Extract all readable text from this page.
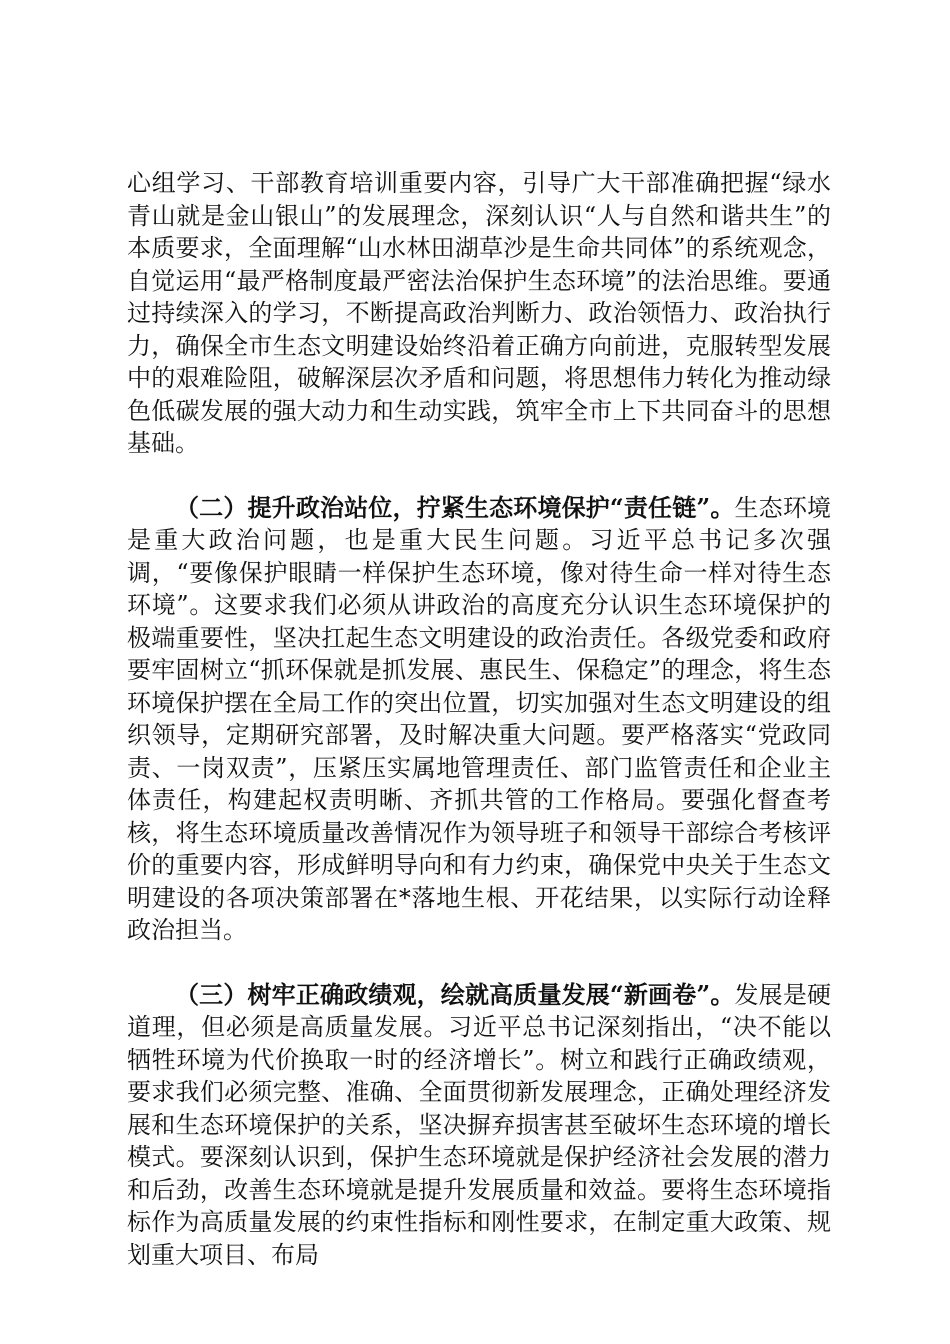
心组学习、干部教育培训重要内容，引导广大干部准确把握“绿水青山就是金山银山”的发展理念，深刻认识“人与自然和谐共生”的本质要求，全面理解“山水林田湖草沙是生命共同体”的系统观念，自觉运用“最严格制度最严密法治保护生态环境”的法治思维。要通过持续深入的学习，不断提高政治判断力、政治领悟力、政治执行力，确保全市生态文明建设始终沿着正确方向前进，克服转型发展中的艰难险阻，破解深层次矛盾和问题，将思想伟力转化为推动绿色低碳发展的强大动力和生动实践，筑牢全市上下共同奋斗的思想基础。

（二）提升政治站位，拧紧生态环境保护“责任链”。生态环境是重大政治问题，也是重大民生问题。习近平总书记多次强调，“要像保护眼睛一样保护生态环境，像对待生命一样对待生态环境”。这要求我们必须从讲政治的高度充分认识生态环境保护的极端重要性，坚决扛起生态文明建设的政治责任。各级党委和政府要牢固树立“抓环保就是抓发展、惠民生、保稳定”的理念，将生态环境保护摆在全局工作的突出位置，切实加强对生态文明建设的组织领导，定期研究部署，及时解决重大问题。要严格落实“党政同责、一岗双责”，压紧压实属地管理责任、部门监管责任和企业主体责任，构建起权责明晰、齐抓共管的工作格局。要强化督查考核，将生态环境质量改善情况作为领导班子和领导干部综合考核评价的重要内容，形成鲜明导向和有力约束，确保党中央关于生态文明建设的各项决策部署在*落地生根、开花结果，以实际行动诠释政治担当。

（三）树牢正确政绩观，绘就高质量发展“新画卷”。发展是硬道理，但必须是高质量发展。习近平总书记深刻指出，“决不能以牺牲环境为代价换取一时的经济增长”。树立和践行正确政绩观，要求我们必须完整、准确、全面贯彻新发展理念，正确处理经济发展和生态环境保护的关系，坚决摒弃损害甚至破坏生态环境的增长模式。要深刻认识到，保护生态环境就是保护经济社会发展的潜力和后劲，改善生态环境就是提升发展质量和效益。要将生态环境指标作为高质量发展的约束性指标和刚性要求，在制定重大政策、规划重大项目、布局
